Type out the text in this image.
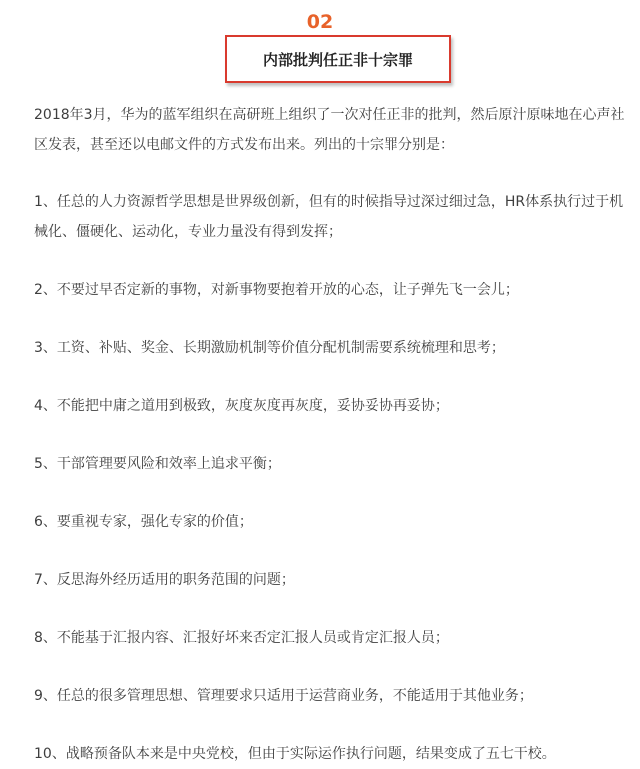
02
内部批判任正非十宗罪

2018年3月，华为的蓝军组织在高研班上组织了一次对任正非的批判，然后原汁原味地在心声社区发表，甚至还以电邮文件的方式发布出来。列出的十宗罪分别是：

1、任总的人力资源哲学思想是世界级创新，但有的时候指导过深过细过急，HR体系执行过于机械化、僵硬化、运动化，专业力量没有得到发挥；

2、不要过早否定新的事物，对新事物要抱着开放的心态，让子弹先飞一会儿；

3、工资、补贴、奖金、长期激励机制等价值分配机制需要系统梳理和思考；

4、不能把中庸之道用到极致，灰度灰度再灰度，妥协妥协再妥协；

5、干部管理要风险和效率上追求平衡；

6、要重视专家，强化专家的价值；

7、反思海外经历适用的职务范围的问题；

8、不能基于汇报内容、汇报好坏来否定汇报人员或肯定汇报人员；

9、任总的很多管理思想、管理要求只适用于运营商业务，不能适用于其他业务；

10、战略预备队本来是中央党校，但由于实际运作执行问题，结果变成了五七干校。
